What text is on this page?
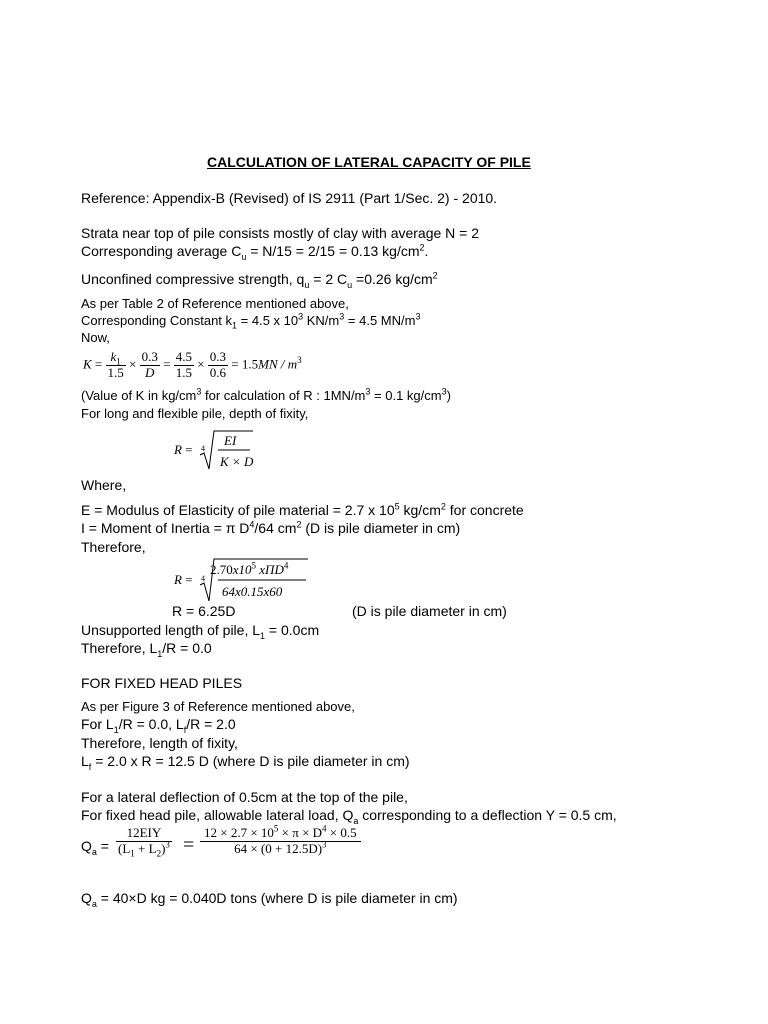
CALCULATION OF LATERAL CAPACITY OF PILE
Reference: Appendix-B (Revised) of IS 2911 (Part 1/Sec. 2) - 2010.
Strata near top of pile consists mostly of clay with average N = 2
Corresponding average $C_u = N/15 = 2/15 = 0.13$ $kg/cm^2$.
Unconfined compressive strength, $q_u = 2$ $C_u =0.26$ $kg/cm^2$
As per Table 2 of Reference mentioned above,
Corresponding Constant $k_1 = 4.5$ x $10^3$ $KN/m^3 = 4.5$ $MN/m^3$
Now,
$K = \frac{k_1}{1.5} \times \frac{0.3}{D} = \frac{4.5}{1.5} \times \frac{0.3}{0.6} = 1.5MN / m^3$
(Value of K in $kg/cm^3$ for calculation of R : $1MN/m^3 = 0.1$ $kg/cm^3$)
For long and flexible pile, depth of fixity,
R = 4
EI
K × D
Where,
E = Modulus of Elasticity of pile material = 2.7 x $10^5$ $kg/cm^2$ for concrete
I = Moment of Inertia = π $D^4/64$ $cm^2$ (D is pile diameter in cm)
Therefore,
R = 4
$2.70x10^5$ xΠD$^4$
64x0.15x60
R = 6.25D	(D is pile diameter in cm)
Unsupported length of pile, $L_1 = 0.0cm$
Therefore, $L_1/R = 0.0$
FOR FIXED HEAD PILES
As per Figure 3 of Reference mentioned above,
For $L_1/R = 0.0$, $L_f/R = 2.0$
Therefore, length of fixity,
$L_f = 2.0$ x R = 12.5 D (where D is pile diameter in cm)
For a lateral deflection of 0.5cm at the top of the pile,
For fixed head pile, allowable lateral load, $Q_a$ corresponding to a deflection Y = 0.5 cm,
$Q_a = \frac{\text{12EIY}}{(L_1 + L_2)^3} = \frac{12 \times 2.7 \times 10^5 \times \pi \times D^4 \times 0.5}{64 \times (0 + 12.5D)^3}$
$Q_a = 40\times D$ kg = 0.040D tons (where D is pile diameter in cm)
